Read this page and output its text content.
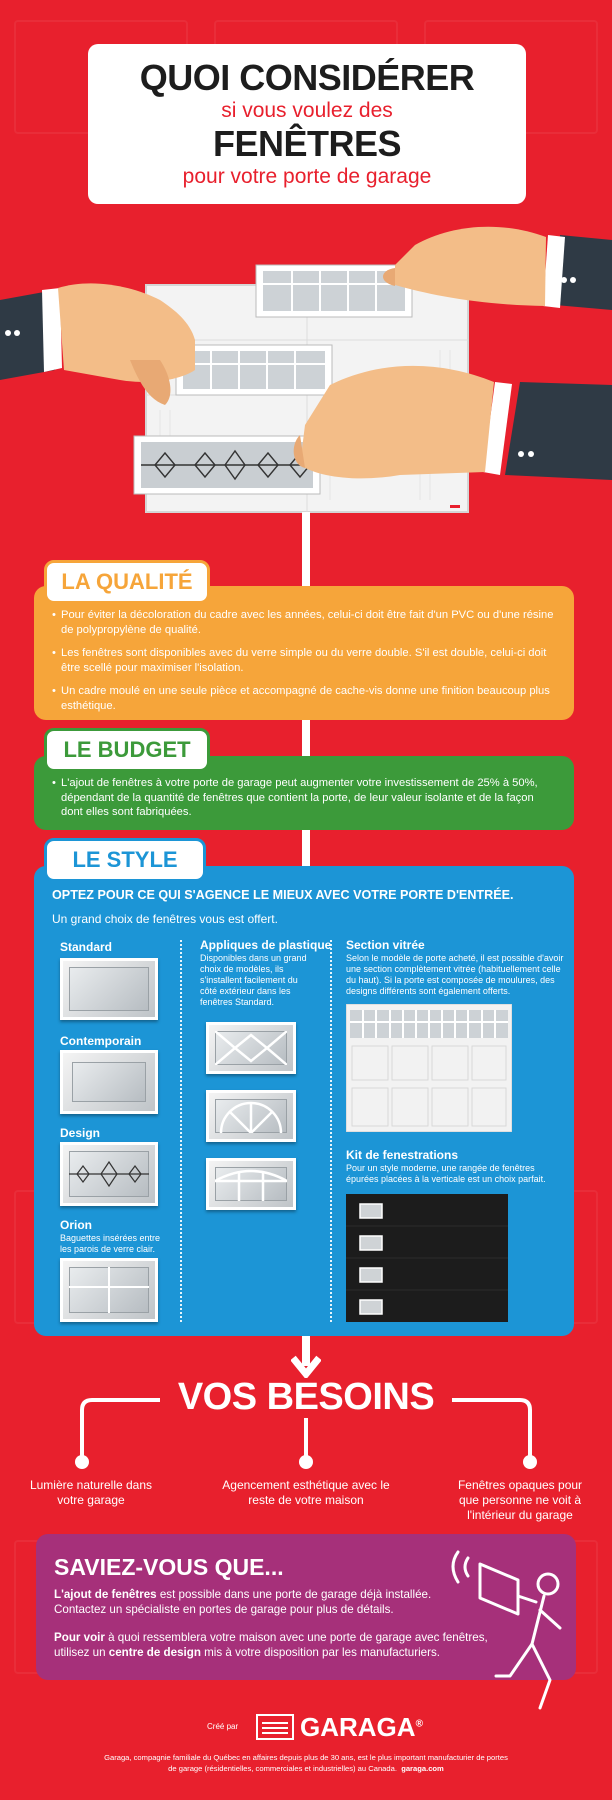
QUOI CONSIDÉRER
si vous voulez des
FENÊTRES
pour votre porte de garage
• Pour éviter la décoloration du cadre avec les années, celui-ci doit être fait d'un PVC ou d'une résine de polypropylène de qualité.
• Les fenêtres sont disponibles avec du verre simple ou du verre double. S'il est double, celui-ci doit être scellé pour maximiser l'isolation.
• Un cadre moulé en une seule pièce et accompagné de cache-vis donne une finition beaucoup plus esthétique.
LA QUALITÉ
• L'ajout de fenêtres à votre porte de garage peut augmenter votre investissement de 25% à 50%, dépendant de la quantité de fenêtres que contient la porte, de leur valeur isolante et de la façon dont elles sont fabriquées.
LE BUDGET
LE STYLE
OPTEZ POUR CE QUI S'AGENCE LE MIEUX AVEC VOTRE PORTE D'ENTRÉE.
Un grand choix de fenêtres vous est offert.
Standard
Contemporain
Design
Orion
Baguettes insérées entre les parois de verre clair.
Appliques de plastique
Disponibles dans un grand choix de modèles, ils s'installent facilement du côté extérieur dans les fenêtres Standard.
Section vitrée
Selon le modèle de porte acheté, il est possible d'avoir une section complètement vitrée (habituellement celle du haut). Si la porte est composée de moulures, des designs différents sont également offerts.
Kit de fenestrations
Pour un style moderne, une rangée de fenêtres épurées placées à la verticale est un choix parfait.
VOS BESOINS
Lumière naturelle dans votre garage
Agencement esthétique avec le reste de votre maison
Fenêtres opaques pour que personne ne voit à l'intérieur du garage
SAVIEZ-VOUS QUE...
L'ajout de fenêtres est possible dans une porte de garage déjà installée. Contactez un spécialiste en portes de garage pour plus de détails.
Pour voir à quoi ressemblera votre maison avec une porte de garage avec fenêtres, utilisez un centre de design mis à votre disposition par les manufacturiers.
Créé par GARAGA®
Garaga, compagnie familiale du Québec en affaires depuis plus de 30 ans, est le plus important manufacturier de portes de garage (résidentielles, commerciales et industrielles) au Canada. garaga.com
